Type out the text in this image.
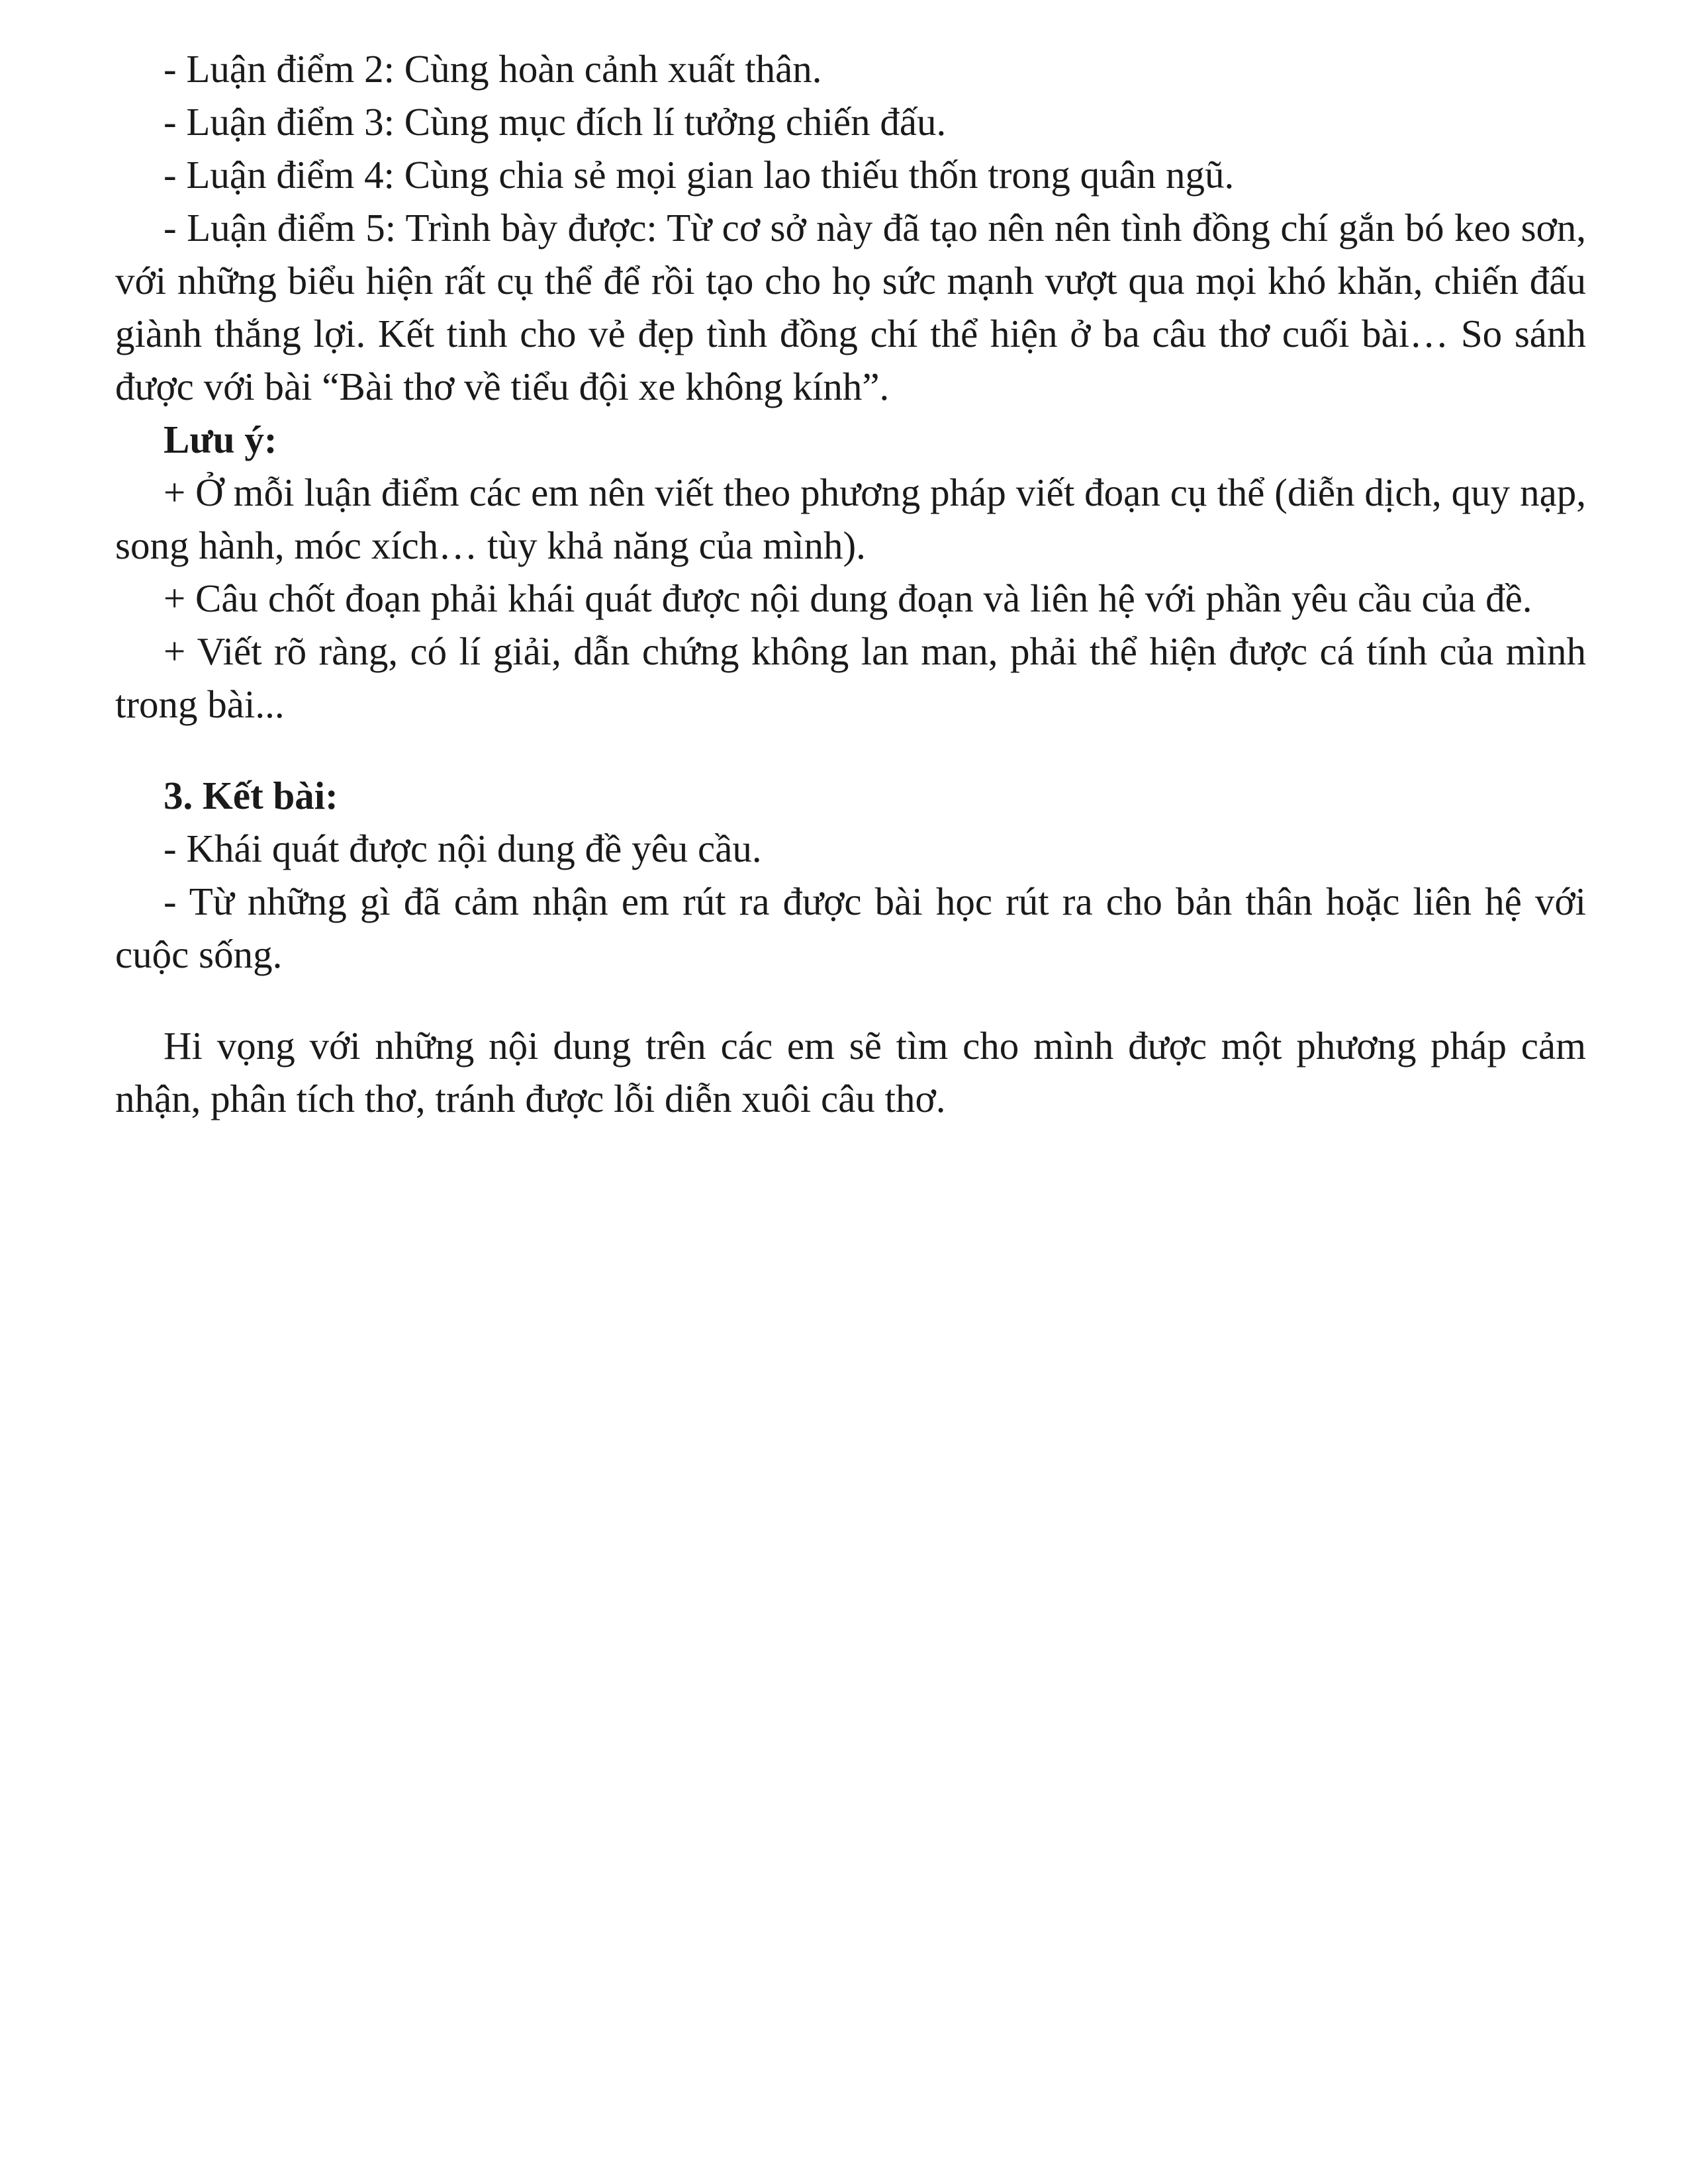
- Luận điểm 2: Cùng hoàn cảnh xuất thân.

- Luận điểm 3: Cùng mục đích lí tưởng chiến đấu.

- Luận điểm 4: Cùng chia sẻ mọi gian lao thiếu thốn trong quân ngũ.

- Luận điểm 5: Trình bày được: Từ cơ sở này đã tạo nên nên tình đồng chí gắn bó keo sơn, với những biểu hiện rất cụ thể để rồi tạo cho họ sức mạnh vượt qua mọi khó khăn, chiến đấu giành thắng lợi. Kết tinh cho vẻ đẹp tình đồng chí thể hiện ở ba câu thơ cuối bài… So sánh được với bài “Bài thơ về tiểu đội xe không kính”.

Lưu ý:

+ Ở mỗi luận điểm các em nên viết theo phương pháp viết đoạn cụ thể (diễn dịch, quy nạp, song hành, móc xích… tùy khả năng của mình).

+ Câu chốt đoạn phải khái quát được nội dung đoạn và liên hệ với phần yêu cầu của đề.

+ Viết rõ ràng, có lí giải, dẫn chứng không lan man, phải thể hiện được cá tính của mình trong bài...

3. Kết bài:

- Khái quát được nội dung đề yêu cầu.

- Từ những gì đã cảm nhận em rút ra được bài học rút ra cho bản thân hoặc liên hệ với cuộc sống.

Hi vọng với những nội dung trên các em sẽ tìm cho mình được một phương pháp cảm nhận, phân tích thơ, tránh được lỗi diễn xuôi câu thơ.
